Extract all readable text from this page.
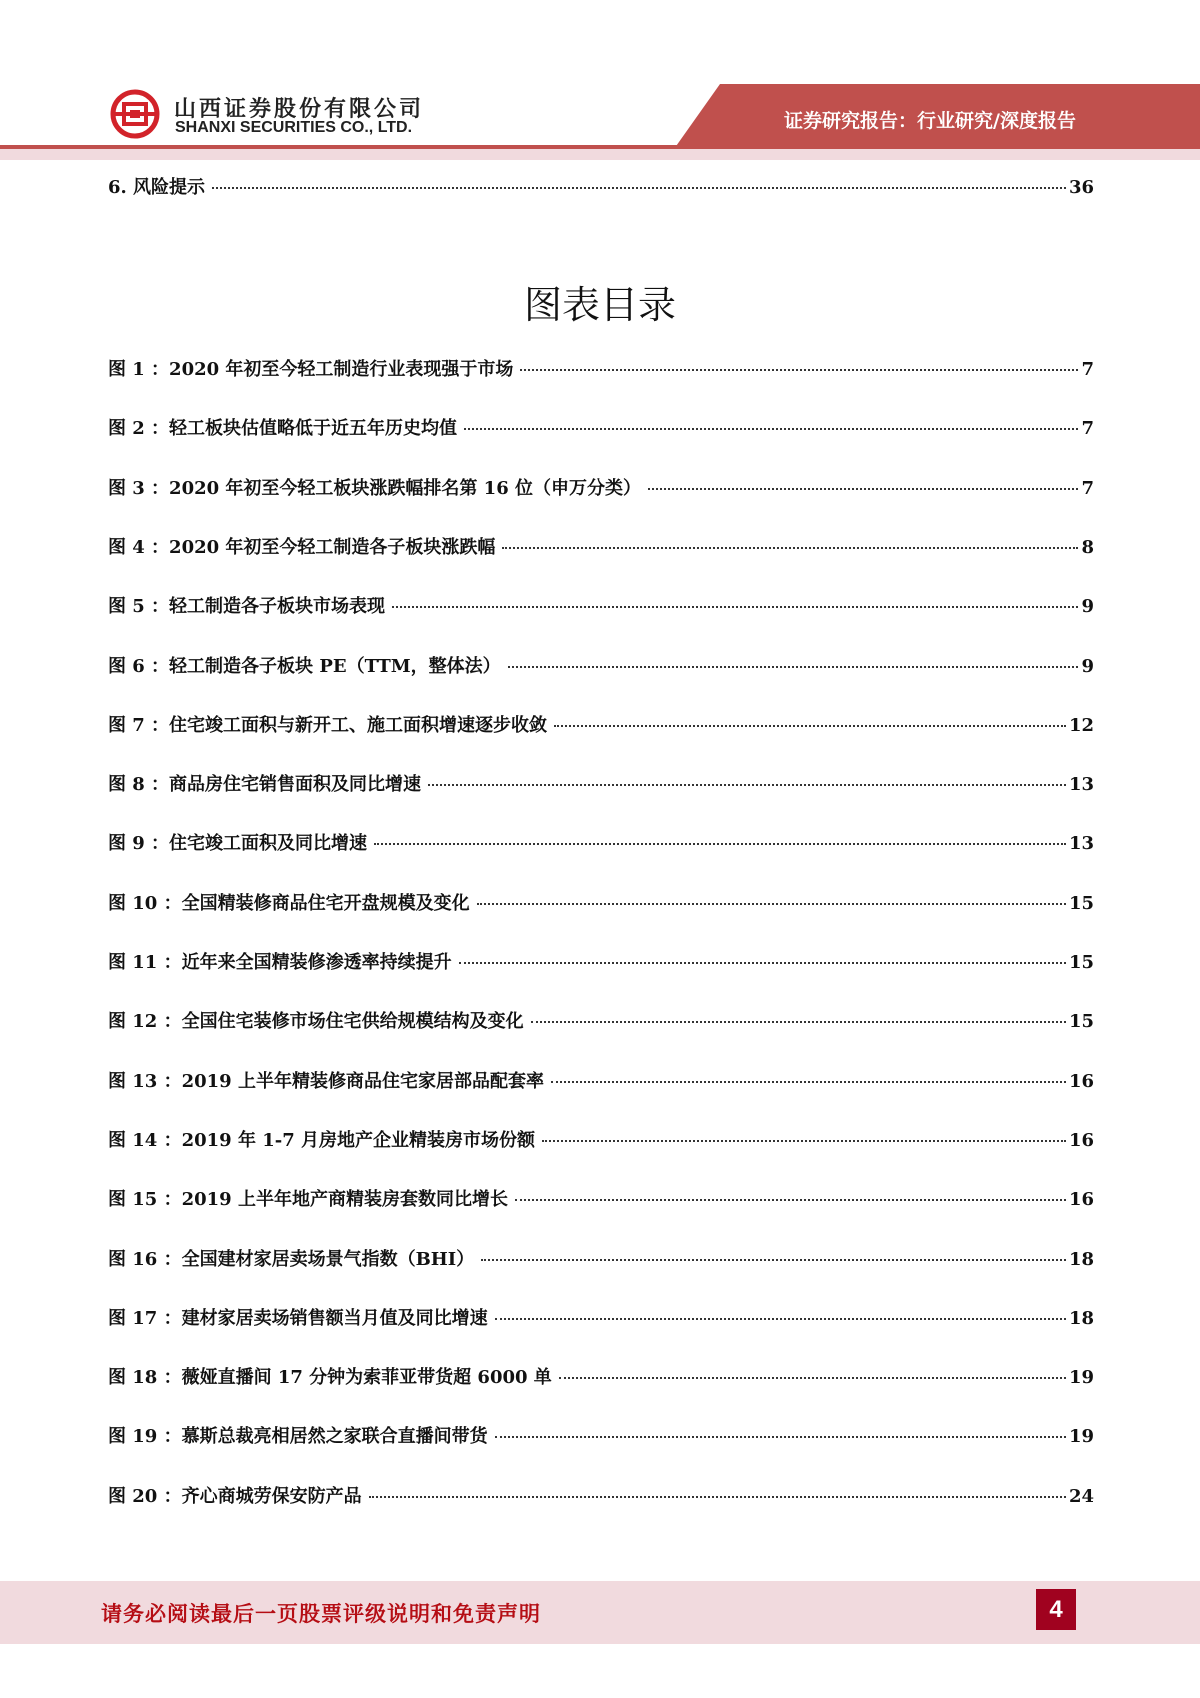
山西证券股份有限公司
SHANXI SECURITIES CO., LTD.	证券研究报告：行业研究/深度报告
6. 风险提示	36
图表目录
图 1 ：2020 年初至今轻工制造行业表现强于市场	7
图 2 ：轻工板块估值略低于近五年历史均值	7
图 3 ：2020 年初至今轻工板块涨跌幅排名第 16 位（申万分类）	7
图 4 ：2020 年初至今轻工制造各子板块涨跌幅	8
图 5 ：轻工制造各子板块市场表现	9
图 6 ：轻工制造各子板块 PE（TTM，整体法）	9
图 7 ：住宅竣工面积与新开工、施工面积增速逐步收敛	12
图 8 ：商品房住宅销售面积及同比增速	13
图 9 ：住宅竣工面积及同比增速	13
图 10 ：全国精装修商品住宅开盘规模及变化	15
图 11 ：近年来全国精装修渗透率持续提升	15
图 12 ：全国住宅装修市场住宅供给规模结构及变化	15
图 13 ：2019 上半年精装修商品住宅家居部品配套率	16
图 14 ：2019 年 1-7 月房地产企业精装房市场份额	16
图 15 ：2019 上半年地产商精装房套数同比增长	16
图 16 ：全国建材家居卖场景气指数（BHI）	18
图 17 ：建材家居卖场销售额当月值及同比增速	18
图 18 ：薇娅直播间 17 分钟为索菲亚带货超 6000 单	19
图 19 ：慕斯总裁亮相居然之家联合直播间带货	19
图 20 ：齐心商城劳保安防产品	24
请务必阅读最后一页股票评级说明和免责声明	4
